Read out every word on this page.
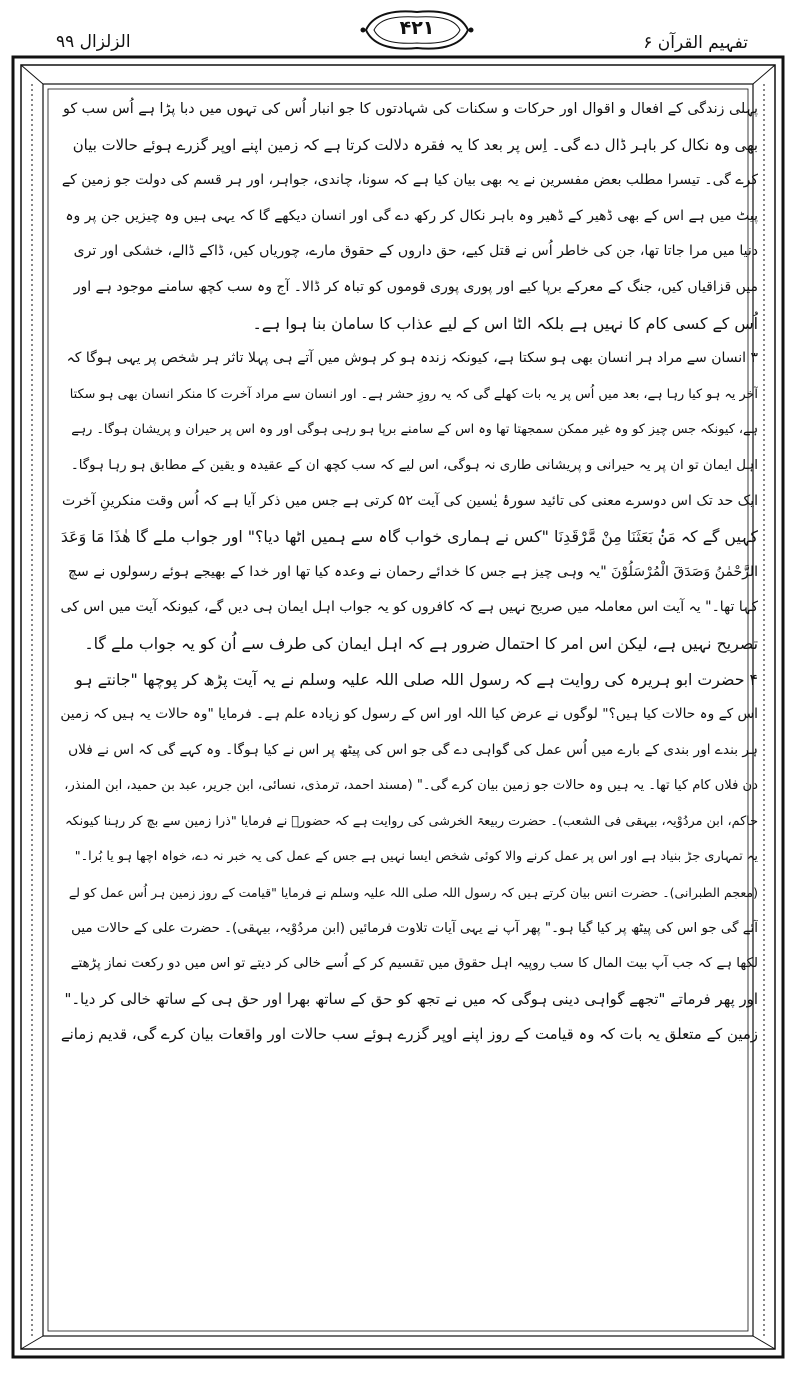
تفہیم القرآن ۶
۴۲۱
الزلزال ۹۹
پہلی زندگی کے افعال و اقوال اور حرکات و سکنات کی شہادتوں کا جو انبار اُس کی تہوں میں دبا پڑا ہے اُس سب کو
بھی وہ نکال کر باہر ڈال دے گی۔ اِس پر بعد کا یہ فقرہ دلالت کرتا ہے کہ زمین اپنے اوپر گزرے ہوئے حالات بیان
کرے گی۔ تیسرا مطلب بعض مفسرین نے یہ بھی بیان کیا ہے کہ سونا، چاندی، جواہر، اور ہر قسم کی دولت جو زمین کے
پیٹ میں ہے اس کے بھی ڈھیر کے ڈھیر وہ باہر نکال کر رکھ دے گی اور انسان دیکھے گا کہ یہی ہیں وہ چیزیں جن پر وہ
دنیا میں مرا جاتا تھا، جن کی خاطر اُس نے قتل کیے، حق داروں کے حقوق مارے، چوریاں کیں، ڈاکے ڈالے، خشکی اور تری
میں قزاقیاں کیں، جنگ کے معرکے برپا کیے اور پوری پوری قوموں کو تباہ کر ڈالا۔ آج وہ سب کچھ سامنے موجود ہے اور
اُس کے کسی کام کا نہیں ہے بلکہ الٹا اس کے لیے عذاب کا سامان بنا ہوا ہے۔
۳ انسان سے مراد ہر انسان بھی ہو سکتا ہے، کیونکہ زندہ ہو کر ہوش میں آتے ہی پہلا تاثر ہر شخص پر یہی ہوگا کہ
آخر یہ ہو کیا رہا ہے، بعد میں اُس پر یہ بات کھلے گی کہ یہ روزِ حشر ہے۔ اور انسان سے مراد آخرت کا منکر انسان بھی ہو سکتا
ہے، کیونکہ جس چیز کو وہ غیر ممکن سمجھتا تھا وہ اس کے سامنے برپا ہو رہی ہوگی اور وہ اس پر حیران و پریشان ہوگا۔ رہے
اہل ایمان تو ان پر یہ حیرانی و پریشانی طاری نہ ہوگی، اس لیے کہ سب کچھ ان کے عقیدہ و یقین کے مطابق ہو رہا ہوگا۔
ایک حد تک اس دوسرے معنی کی تائید سورۂ یٰسین کی آیت ۵۲ کرتی ہے جس میں ذکر آیا ہے کہ اُس وقت منکرینِ آخرت
کہیں گے کہ مَنْۢ بَعَثَنَا مِنْ مَّرْقَدِنَا "کس نے ہماری خواب گاہ سے ہمیں اٹھا دیا؟" اور جواب ملے گا هٰذَا مَا وَعَدَ
الرَّحْمٰنُ وَصَدَقَ الْمُرْسَلُوْنَ "یہ وہی چیز ہے جس کا خدائے رحمان نے وعدہ کیا تھا اور خدا کے بھیجے ہوئے رسولوں نے سچ
کہا تھا۔" یہ آیت اس معاملہ میں صریح نہیں ہے کہ کافروں کو یہ جواب اہل ایمان ہی دیں گے، کیونکہ آیت میں اس کی
تصریح نہیں ہے، لیکن اس امر کا احتمال ضرور ہے کہ اہل ایمان کی طرف سے اُن کو یہ جواب ملے گا۔
۴ حضرت ابو ہریرہ کی روایت ہے کہ رسول اللہ صلی اللہ علیہ وسلم نے یہ آیت پڑھ کر پوچھا "جانتے ہو
اس کے وہ حالات کیا ہیں؟" لوگوں نے عرض کیا اللہ اور اس کے رسول کو زیادہ علم ہے۔ فرمایا "وہ حالات یہ ہیں کہ زمین
ہر بندے اور بندی کے بارے میں اُس عمل کی گواہی دے گی جو اس کی پیٹھ پر اس نے کیا ہوگا۔ وہ کہے گی کہ اس نے فلاں
دن فلاں کام کیا تھا۔ یہ ہیں وہ حالات جو زمین بیان کرے گی۔" (مسند احمد، ترمذی، نسائی، ابن جریر، عبد بن حمید، ابن المنذر،
حاکم، ابن مردُوْیہ، بیہقی فی الشعب)۔ حضرت ربیعۃ الخرشی کی روایت ہے کہ حضورؐ نے فرمایا "ذرا زمین سے بچ کر رہنا کیونکہ
یہ تمہاری جڑ بنیاد ہے اور اس پر عمل کرنے والا کوئی شخص ایسا نہیں ہے جس کے عمل کی یہ خبر نہ دے، خواہ اچھا ہو یا بُرا۔"
(معجم الطبرانی)۔ حضرت انس بیان کرتے ہیں کہ رسول اللہ صلی اللہ علیہ وسلم نے فرمایا "قیامت کے روز زمین ہر اُس عمل کو لے
آئے گی جو اس کی پیٹھ پر کیا گیا ہو۔" پھر آپ نے یہی آیات تلاوت فرمائیں (ابن مردُوْیہ، بیہقی)۔ حضرت علی کے حالات میں
لکھا ہے کہ جب آپ بیت المال کا سب روپیہ اہل حقوق میں تقسیم کر کے اُسے خالی کر دیتے تو اس میں دو رکعت نماز پڑھتے
اور پھر فرماتے "تجھے گواہی دینی ہوگی کہ میں نے تجھ کو حق کے ساتھ بھرا اور حق ہی کے ساتھ خالی کر دیا۔"
زمین کے متعلق یہ بات کہ وہ قیامت کے روز اپنے اوپر گزرے ہوئے سب حالات اور واقعات بیان کرے گی، قدیم زمانے
